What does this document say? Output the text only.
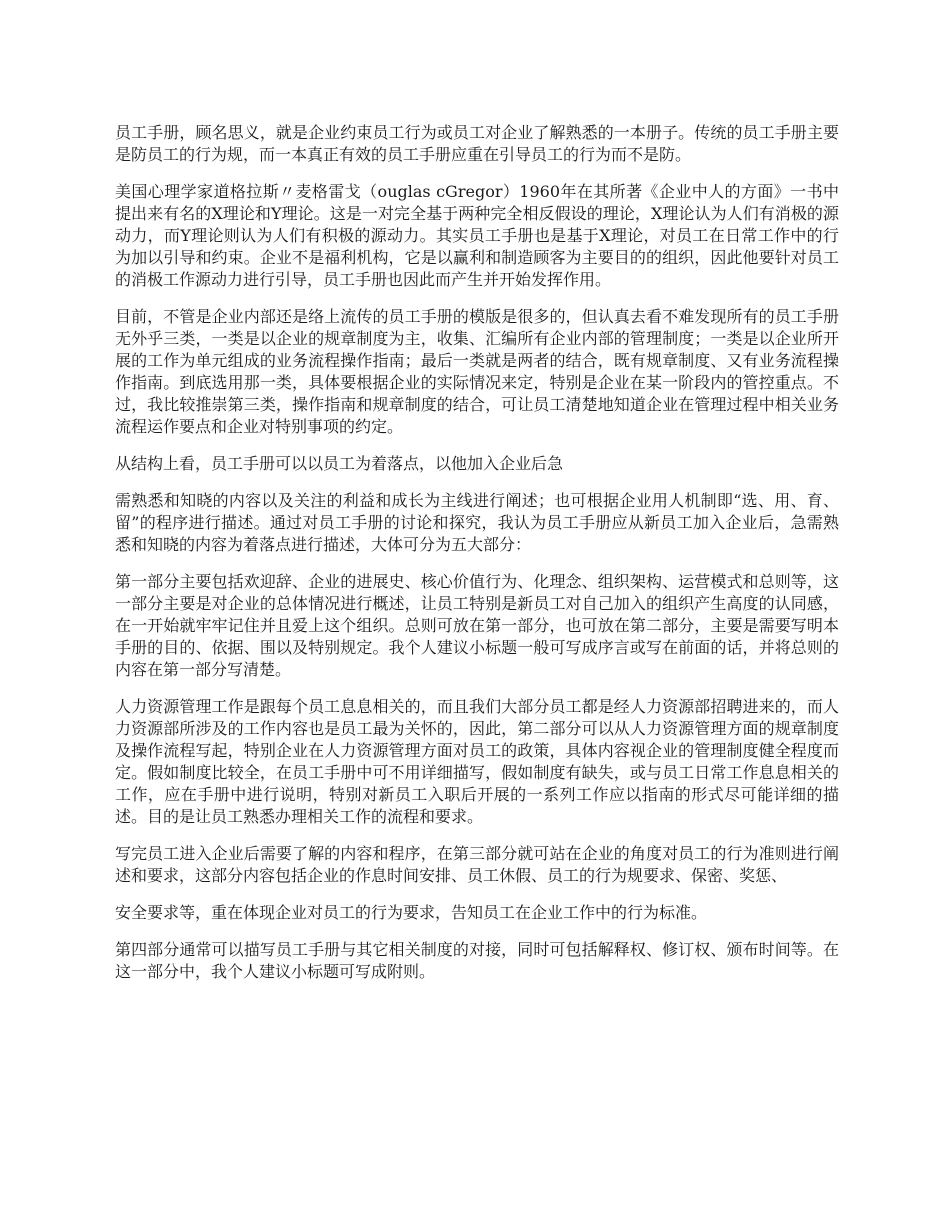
员工手册，顾名思义，就是企业约束员工行为或员工对企业了解熟悉的一本册子。传统的员工手册主要是防员工的行为规，而一本真正有效的员工手册应重在引导员工的行为而不是防。

美国心理学家道格拉斯〃麦格雷戈（ouglas cGregor）1960年在其所著《企业中人的方面》一书中提出来有名的X理论和Y理论。这是一对完全基于两种完全相反假设的理论，X理论认为人们有消极的源动力，而Y理论则认为人们有积极的源动力。其实员工手册也是基于X理论，对员工在日常工作中的行为加以引导和约束。企业不是福利机构，它是以赢利和制造顾客为主要目的的组织，因此他要针对员工的消极工作源动力进行引导，员工手册也因此而产生并开始发挥作用。

目前，不管是企业内部还是络上流传的员工手册的模版是很多的，但认真去看不难发现所有的员工手册无外乎三类，一类是以企业的规章制度为主，收集、汇编所有企业内部的管理制度；一类是以企业所开展的工作为单元组成的业务流程操作指南；最后一类就是两者的结合，既有规章制度、又有业务流程操作指南。到底选用那一类，具体要根据企业的实际情况来定，特别是企业在某一阶段内的管控重点。不过，我比较推崇第三类，操作指南和规章制度的结合，可让员工清楚地知道企业在管理过程中相关业务流程运作要点和企业对特别事项的约定。

从结构上看，员工手册可以以员工为着落点，以他加入企业后急

需熟悉和知晓的内容以及关注的利益和成长为主线进行阐述；也可根据企业用人机制即“选、用、育、留”的程序进行描述。通过对员工手册的讨论和探究，我认为员工手册应从新员工加入企业后，急需熟悉和知晓的内容为着落点进行描述，大体可分为五大部分：

第一部分主要包括欢迎辞、企业的进展史、核心价值行为、化理念、组织架构、运营模式和总则等，这一部分主要是对企业的总体情况进行概述，让员工特别是新员工对自己加入的组织产生高度的认同感，在一开始就牢牢记住并且爱上这个组织。总则可放在第一部分，也可放在第二部分，主要是需要写明本手册的目的、依据、围以及特别规定。我个人建议小标题一般可写成序言或写在前面的话，并将总则的内容在第一部分写清楚。

人力资源管理工作是跟每个员工息息相关的，而且我们大部分员工都是经人力资源部招聘进来的，而人力资源部所涉及的工作内容也是员工最为关怀的，因此，第二部分可以从人力资源管理方面的规章制度及操作流程写起，特别企业在人力资源管理方面对员工的政策，具体内容视企业的管理制度健全程度而定。假如制度比较全，在员工手册中可不用详细描写，假如制度有缺失，或与员工日常工作息息相关的工作，应在手册中进行说明，特别对新员工入职后开展的一系列工作应以指南的形式尽可能详细的描述。目的是让员工熟悉办理相关工作的流程和要求。

写完员工进入企业后需要了解的内容和程序，在第三部分就可站在企业的角度对员工的行为准则进行阐述和要求，这部分内容包括企业的作息时间安排、员工休假、员工的行为规要求、保密、奖惩、

安全要求等，重在体现企业对员工的行为要求，告知员工在企业工作中的行为标准。

第四部分通常可以描写员工手册与其它相关制度的对接，同时可包括解释权、修订权、颁布时间等。在这一部分中，我个人建议小标题可写成附则。
